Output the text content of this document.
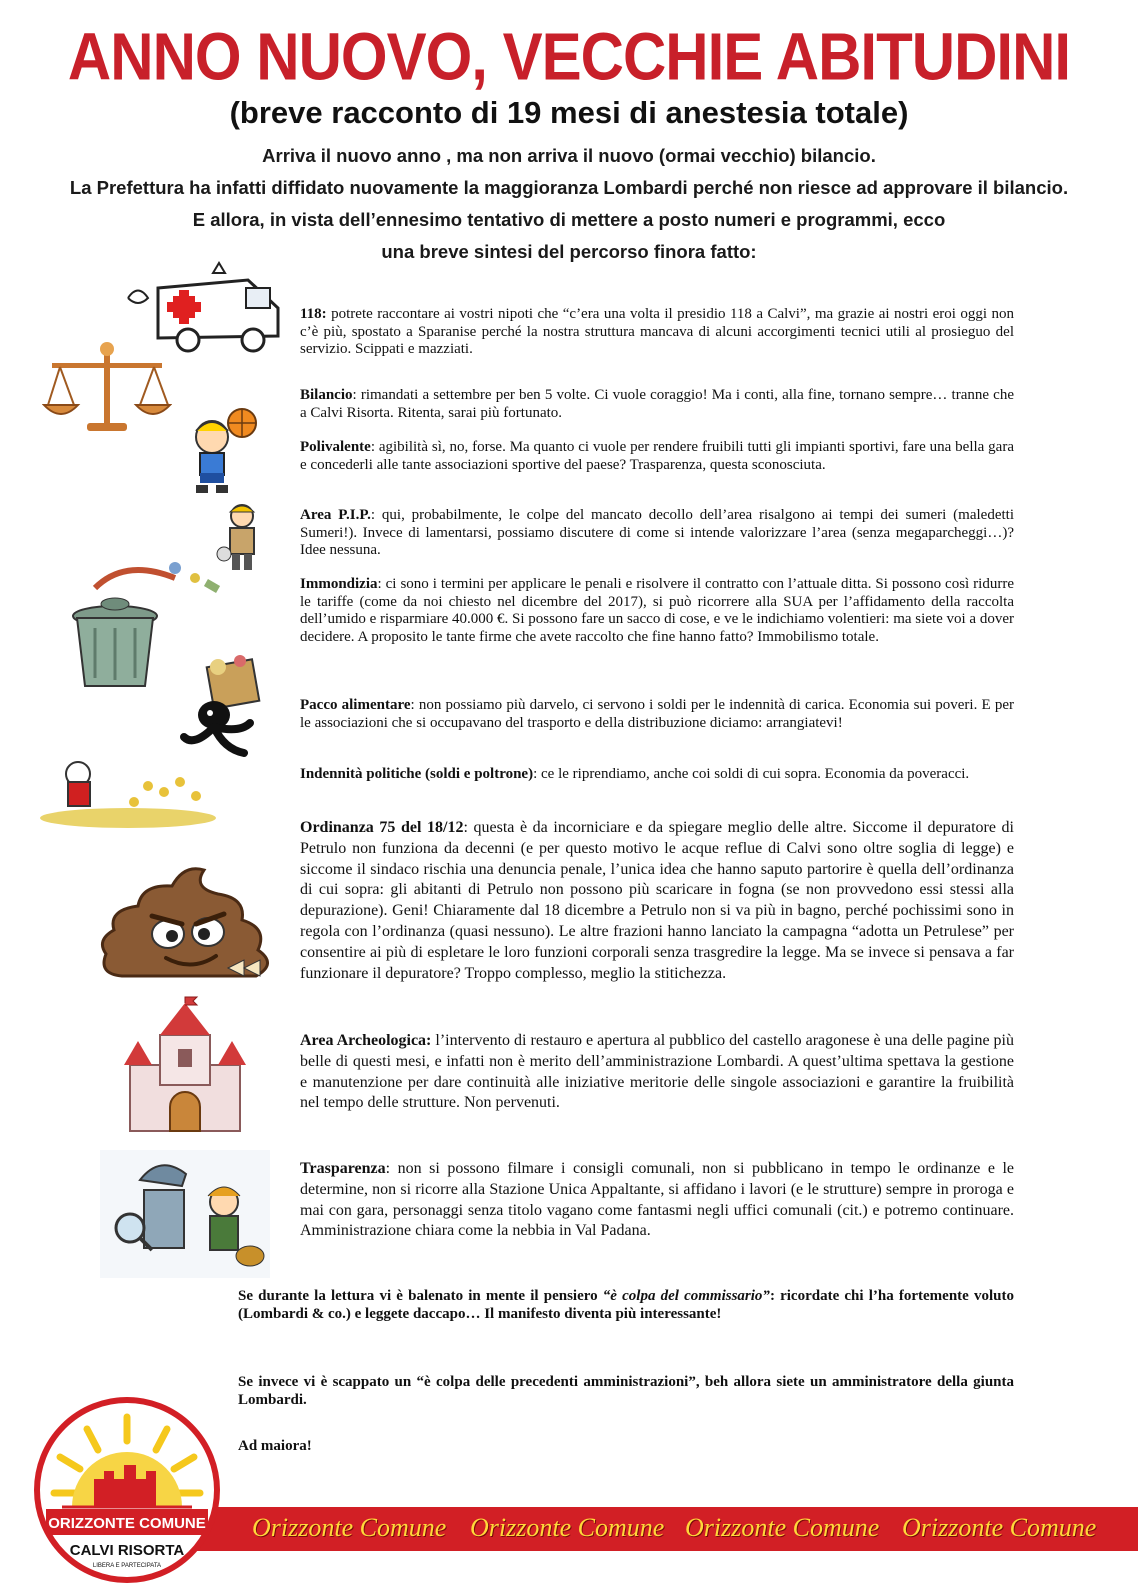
ANNO NUOVO, VECCHIE ABITUDINI
(breve racconto di 19 mesi di anestesia totale)
Arriva il nuovo anno , ma non arriva il nuovo (ormai vecchio) bilancio.
La Prefettura ha infatti diffidato nuovamente la maggioranza Lombardi perché non riesce ad approvare il bilancio.
E allora, in vista dell’ennesimo tentativo di mettere a posto numeri e programmi, ecco
una breve sintesi del percorso finora fatto:

118: potrete raccontare ai vostri nipoti che “c’era una volta il presidio 118 a Calvi”, ma grazie ai nostri eroi oggi non c’è più, spostato a Sparanise perché la nostra struttura mancava di alcuni accorgimenti tecnici utili al prosieguo del servizio. Scippati e mazziati.

Bilancio: rimandati a settembre per ben 5 volte. Ci vuole coraggio! Ma i conti, alla fine, tornano sempre… tranne che a Calvi Risorta. Ritenta, sarai più fortunato.

Polivalente: agibilità sì, no, forse. Ma quanto ci vuole per rendere fruibili tutti gli impianti sportivi, fare una bella gara e concederli alle tante associazioni sportive del paese? Trasparenza, questa sconosciuta.

Area P.I.P.: qui, probabilmente, le colpe del mancato decollo dell’area risalgono ai tempi dei sumeri (maledetti Sumeri!). Invece di lamentarsi, possiamo discutere di come si intende valorizzare l’area (senza megaparcheggi…)? Idee nessuna.

Immondizia: ci sono i termini per applicare le penali e risolvere il contratto con l’attuale ditta. Si possono così ridurre le tariffe (come da noi chiesto nel dicembre del 2017), si può ricorrere alla SUA per l’affidamento della raccolta dell’umido e risparmiare 40.000 €. Si possono fare un sacco di cose, e ve le indichiamo volentieri: ma siete voi a dover decidere. A proposito le tante firme che avete raccolto che fine hanno fatto? Immobilismo totale.

Pacco alimentare: non possiamo più darvelo, ci servono i soldi per le indennità di carica. Economia sui poveri. E per le associazioni che si occupavano del trasporto e della distribuzione diciamo: arrangiatevi!

Indennità politiche (soldi e poltrone): ce le riprendiamo, anche coi soldi di cui sopra. Economia da poveracci.

Ordinanza 75 del 18/12: questa è da incorniciare e da spiegare meglio delle altre. Siccome il depuratore di Petrulo non funziona da decenni (e per questo motivo le acque reflue di Calvi sono oltre soglia di legge) e siccome il sindaco rischia una denuncia penale, l’unica idea che hanno saputo partorire è quella dell’ordinanza di cui sopra: gli abitanti di Petrulo non possono più scaricare in fogna (se non provvedono essi stessi alla depurazione). Geni! Chiaramente dal 18 dicembre a Petrulo non si va più in bagno, perché pochissimi sono in regola con l’ordinanza (quasi nessuno). Le altre frazioni hanno lanciato la campagna “adotta un Petrulese” per consentire ai più di espletare le loro funzioni corporali senza trasgredire la legge. Ma se invece si pensava a far funzionare il depuratore? Troppo complesso, meglio la stitichezza.

Area Archeologica: l’intervento di restauro e apertura al pubblico del castello aragonese è una delle pagine più belle di questi mesi, e infatti non è merito dell’amministrazione Lombardi. A quest’ultima spettava la gestione e manutenzione per dare continuità alle iniziative meritorie delle singole associazioni e garantire la fruibilità nel tempo delle strutture. Non pervenuti.

Trasparenza: non si possono filmare i consigli comunali, non si pubblicano in tempo le ordinanze e le determine, non si ricorre alla Stazione Unica Appaltante, si affidano i lavori (e le strutture) sempre in proroga e mai con gara, personaggi senza titolo vagano come fantasmi negli uffici comunali (cit.) e potremo continuare. Amministrazione chiara come la nebbia in Val Padana.

Se durante la lettura vi è balenato in mente il pensiero “è colpa del commissario”: ricordate chi l’ha fortemente voluto (Lombardi & co.) e leggete daccapo… Il manifesto diventa più interessante!

Se invece vi è scappato un “è colpa delle precedenti amministrazioni”, beh allora siete un amministratore della giunta Lombardi.

Ad maiora!

Orizzonte Comune Orizzonte Comune Orizzonte Comune Orizzonte Comune
ORIZZONTE COMUNE
CALVI RISORTA
LIBERA E PARTECIPATA
